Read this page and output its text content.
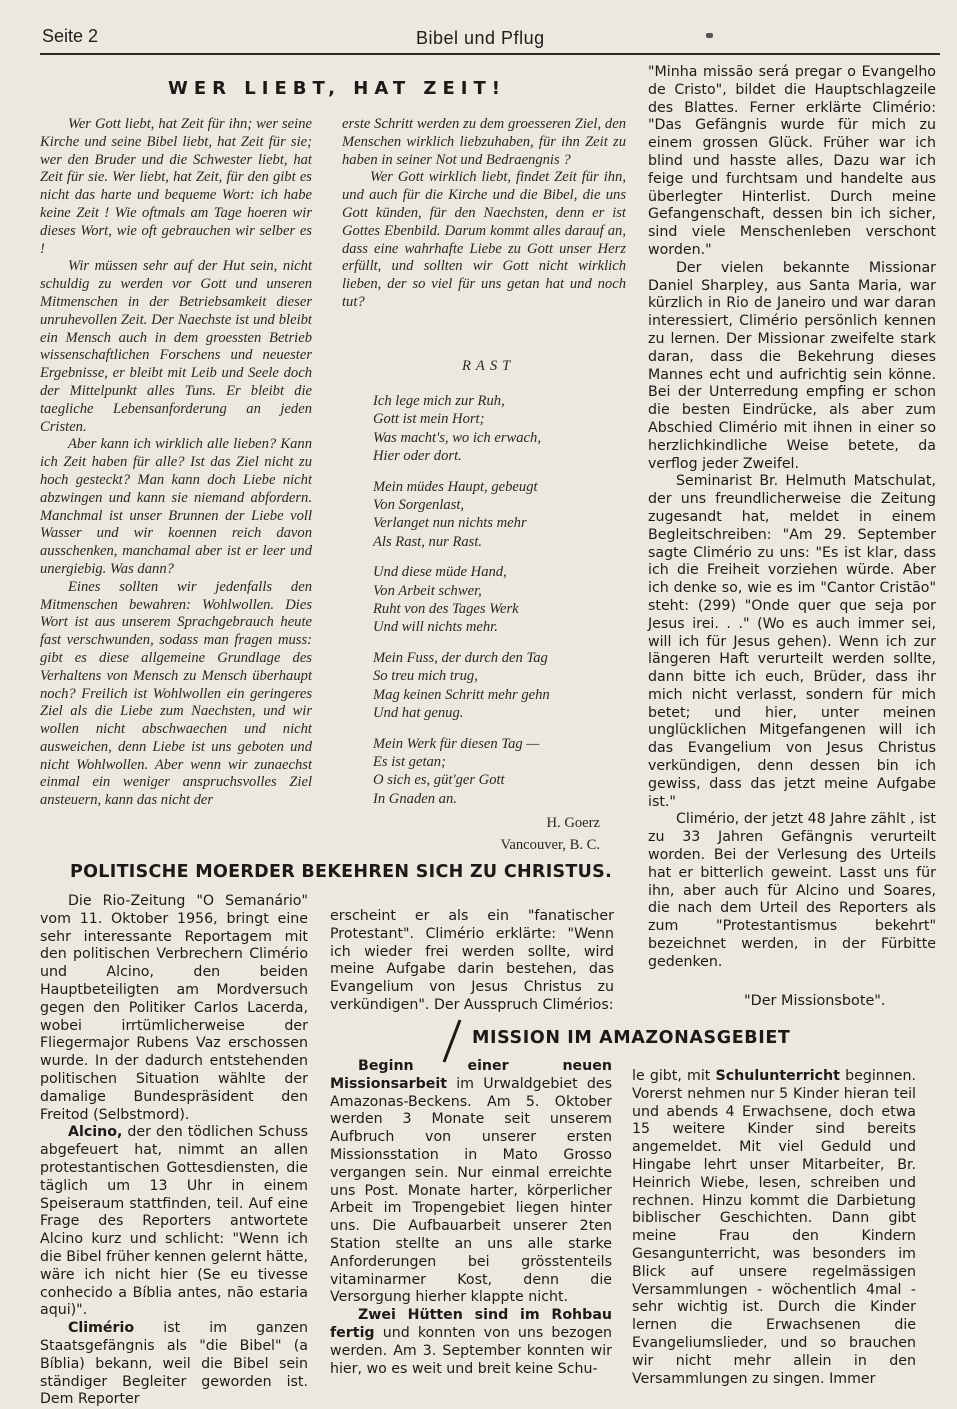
Seite 2	Bibel und Pflug
WER LIEBT, HAT ZEIT!

Wer Gott liebt, hat Zeit für ihn; wer seine Kirche und seine Bibel liebt, hat Zeit für sie; wer den Bruder und die Schwester liebt, hat Zeit für sie. Wer liebt, hat Zeit, für den gibt es nicht das harte und bequeme Wort: ich habe keine Zeit ! Wie oftmals am Tage hoeren wir dieses Wort, wie oft gebrauchen wir selber es !

Wir müssen sehr auf der Hut sein, nicht schuldig zu werden vor Gott und unseren Mitmenschen in der Betriebsamkeit dieser unruhevollen Zeit. Der Naechste ist und bleibt ein Mensch auch in dem groessten Betrieb wissenschaftlichen Forschens und neuester Ergebnisse, er bleibt mit Leib und Seele doch der Mittelpunkt alles Tuns. Er bleibt die taegliche Lebensanforderung an jeden Cristen.

Aber kann ich wirklich alle lieben? Kann ich Zeit haben für alle? Ist das Ziel nicht zu hoch gesteckt? Man kann doch Liebe nicht abzwingen und kann sie niemand abfordern. Manchmal ist unser Brunnen der Liebe voll Wasser und wir koennen reich davon ausschenken, manchamal aber ist er leer und unergiebig. Was dann?

Eines sollten wir jedenfalls den Mitmenschen bewahren: Wohlwollen. Dies Wort ist aus unserem Sprachgebrauch heute fast verschwunden, sodass man fragen muss: gibt es diese allgemeine Grundlage des Verhaltens von Mensch zu Mensch überhaupt noch? Freilich ist Wohlwollen ein geringeres Ziel als die Liebe zum Naechsten, und wir wollen nicht abschwaechen und nicht ausweichen, denn Liebe ist uns geboten und nicht Wohlwollen. Aber wenn wir zunaechst einmal ein weniger anspruchsvolles Ziel ansteuern, kann das nicht der

erste Schritt werden zu dem groesseren Ziel, den Menschen wirklich liebzuhaben, für ihn Zeit zu haben in seiner Not und Bedraengnis ?

Wer Gott wirklich liebt, findet Zeit für ihn, und auch für die Kirche und die Bibel, die uns Gott künden, für den Naechsten, denn er ist Gottes Ebenbild. Darum kommt alles darauf an, dass eine wahrhafte Liebe zu Gott unser Herz erfüllt, und sollten wir Gott nicht wirklich lieben, der so viel für uns getan hat und noch tut?

RAST
Ich lege mich zur Ruh,
Gott ist mein Hort;
Was macht's, wo ich erwach,
Hier oder dort.
Mein müdes Haupt, gebeugt
Von Sorgenlast,
Verlanget nun nichts mehr
Als Rast, nur Rast.
Und diese müde Hand,
Von Arbeit schwer,
Ruht von des Tages Werk
Und will nichts mehr.
Mein Fuss, der durch den Tag
So treu mich trug,
Mag keinen Schritt mehr gehn
Und hat genug.
Mein Werk für diesen Tag —
Es ist getan;
O sich es, güt'ger Gott
In Gnaden an.
H. Goerz
Vancouver, B. C.

"Minha missão será pregar o Evangelho de Cristo", bildet die Hauptschlagzeile des Blattes. Ferner erklärte Climério: "Das Gefängnis wurde für mich zu einem grossen Glück. Früher war ich blind und hasste alles, Dazu war ich feige und furchtsam und handelte aus überlegter Hinterlist. Durch meine Gefangenschaft, dessen bin ich sicher, sind viele Menschenleben verschont worden."

Der vielen bekannte Missionar Daniel Sharpley, aus Santa Maria, war kürzlich in Rio de Janeiro und war daran interessiert, Climério persönlich kennen zu lernen. Der Missionar zweifelte stark daran, dass die Bekehrung dieses Mannes echt und aufrichtig sein könne. Bei der Unterredung empfing er schon die besten Eindrücke, als aber zum Abschied Climério mit ihnen in einer so herzlichkindliche Weise betete, da verflog jeder Zweifel.

Seminarist Br. Helmuth Matschulat, der uns freundlicherweise die Zeitung zugesandt hat, meldet in einem Begleitschreiben: "Am 29. September sagte Climério zu uns: "Es ist klar, dass ich die Freiheit vorziehen würde. Aber ich denke so, wie es im "Cantor Cristão" steht: (299) "Onde quer que seja por Jesus irei. . ." (Wo es auch immer sei, will ich für Jesus gehen). Wenn ich zur längeren Haft verurteilt werden sollte, dann bitte ich euch, Brüder, dass ihr mich nicht verlasst, sondern für mich betet; und hier, unter meinen unglücklichen Mitgefangenen will ich das Evangelium von Jesus Christus verkündigen, denn dessen bin ich gewiss, dass das jetzt meine Aufgabe ist."

Climério, der jetzt 48 Jahre zählt , ist zu 33 Jahren Gefängnis verurteilt worden. Bei der Verlesung des Urteils hat er bitterlich geweint. Lasst uns für ihn, aber auch für Alcino und Soares, die nach dem Urteil des Reporters als zum "Protestantismus bekehrt" bezeichnet werden, in der Fürbitte gedenken.

"Der Missionsbote".
POLITISCHE MOERDER BEKEHREN SICH ZU CHRISTUS.

Die Rio-Zeitung "O Semanário" vom 11. Oktober 1956, bringt eine sehr interessante Reportagem mit den politischen Verbrechern Climério und Alcino, den beiden Hauptbeteiligten am Mordversuch gegen den Politiker Carlos Lacerda, wobei irrtümlicherweise der Fliegermajor Rubens Vaz erschossen wurde. In der dadurch entstehenden politischen Situation wählte der damalige Bundespräsident den Freitod (Selbstmord).

Alcino, der den tödlichen Schuss abgefeuert hat, nimmt an allen protestantischen Gottesdiensten, die täglich um 13 Uhr in einem Speiseraum stattfinden, teil. Auf eine Frage des Reporters antwortete Alcino kurz und schlicht: "Wenn ich die Bibel früher kennen gelernt hätte, wäre ich nicht hier (Se eu tivesse conhecido a Bíblia antes, não estaria aqui)".

Climério ist im ganzen Staatsgefängnis als "die Bibel" (a Bíblia) bekann, weil die Bibel sein ständiger Begleiter geworden ist. Dem Reporter

erscheint er als ein "fanatischer Protestant". Climério erklärte: "Wenn ich wieder frei werden sollte, wird meine Aufgabe darin bestehen, das Evangelium von Jesus Christus zu verkündigen". Der Ausspruch Climérios:

MISSION IM AMAZONASGEBIET

Beginn einer neuen Missionsarbeit im Urwaldgebiet des Amazonas-Beckens. Am 5. Oktober werden 3 Monate seit unserem Aufbruch von unserer ersten Missionsstation in Mato Grosso vergangen sein. Nur einmal erreichte uns Post. Monate harter, körperlicher Arbeit im Tropengebiet liegen hinter uns. Die Aufbauarbeit unserer 2ten Station stellte an uns alle starke Anforderungen bei grösstenteils vitaminarmer Kost, denn die Versorgung hierher klappte nicht.

Zwei Hütten sind im Rohbau fertig und konnten von uns bezogen werden. Am 3. September konnten wir hier, wo es weit und breit keine Schu-

le gibt, mit Schulunterricht beginnen. Vorerst nehmen nur 5 Kinder hieran teil und abends 4 Erwachsene, doch etwa 15 weitere Kinder sind bereits angemeldet. Mit viel Geduld und Hingabe lehrt unser Mitarbeiter, Br. Heinrich Wiebe, lesen, schreiben und rechnen. Hinzu kommt die Darbietung biblischer Geschichten. Dann gibt meine Frau den Kindern Gesangunterricht, was besonders im Blick auf unsere regelmässigen Versammlungen - wöchentlich 4mal - sehr wichtig ist. Durch die Kinder lernen die Erwachsenen die Evangeliumslieder, und so brauchen wir nicht mehr allein in den Versammlungen zu singen. Immer
